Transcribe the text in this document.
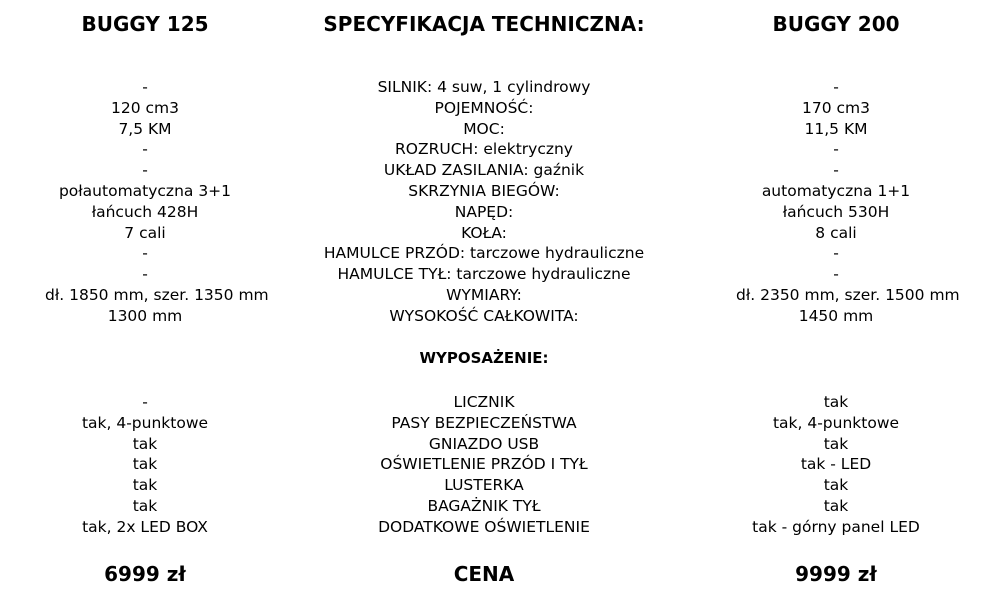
BUGGY 125
-
120 cm3
7,5 KM
-
-
połautomatyczna 3+1
łańcuch 428H
7 cali
-
-
dł. 1850 mm, szer. 1350 mm
1300 mm
-
tak, 4-punktowe
tak
tak
tak
tak
tak, 2x LED BOX
6999 zł
SPECYFIKACJA TECHNICZNA:
SILNIK: 4 suw, 1 cylindrowy
POJEMNOŚĆ:
MOC:
ROZRUCH: elektryczny
UKŁAD ZASILANIA: gaźnik
SKRZYNIA BIEGÓW:
NAPĘD:
KOŁA:
HAMULCE PRZÓD: tarczowe hydrauliczne
HAMULCE TYŁ: tarczowe hydrauliczne
WYMIARY:
WYSOKOŚĆ CAŁKOWITA:
WYPOSAŻENIE:
LICZNIK
PASY BEZPIECZEŃSTWA
GNIAZDO USB
OŚWIETLENIE PRZÓD I TYŁ
LUSTERKA
BAGAŻNIK TYŁ
DODATKOWE OŚWIETLENIE
CENA
BUGGY 200
-
170 cm3
11,5 KM
-
-
automatyczna 1+1
łańcuch 530H
8 cali
-
-
dł. 2350 mm, szer. 1500 mm
1450 mm
tak
tak, 4-punktowe
tak
tak - LED
tak
tak
tak - górny panel LED
9999 zł
